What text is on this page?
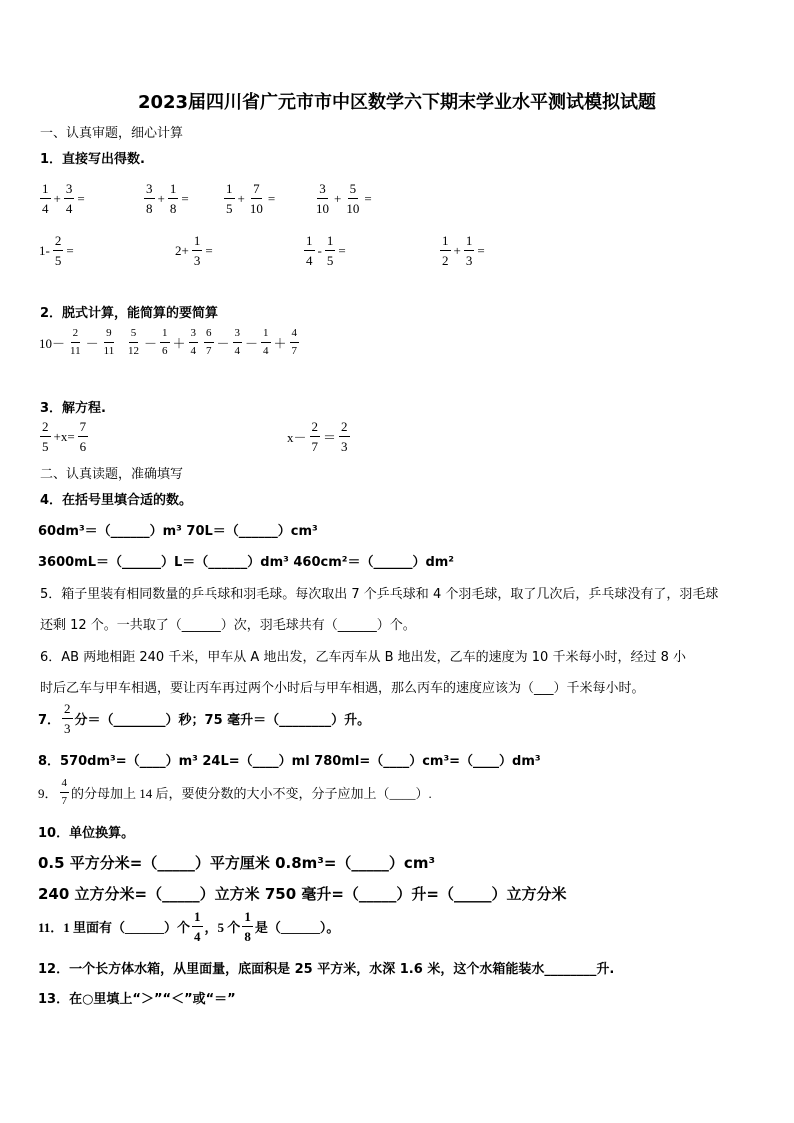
2023届四川省广元市市中区数学六下期末学业水平测试模拟试题
一、认真审题，细心计算
1．直接写出得数.
$\frac{1}{4} + \frac{3}{4}$ =	$\frac{3}{8} + \frac{1}{8}$ =	$\frac{1}{5} + \frac{7}{10}$ =	$\frac{3}{10} + \frac{5}{10}$ =
$1- \frac{2}{5}$ =	$2+ \frac{1}{3}$ =	$\frac{1}{4} - \frac{1}{5}$ =	$\frac{1}{2} + \frac{1}{3}$ =
2．脱式计算，能简算的要简算
$10- \frac{2}{11} - \frac{9}{11} \frac{5}{12} - \frac{1}{6} + \frac{3}{4} \frac{6}{7} - \frac{3}{4} - \frac{1}{4} + \frac{4}{7}$
3．解方程.
$\frac{2}{5} +x= \frac{7}{6}$	$x- \frac{2}{7} = \frac{2}{3}$
二、认真读题，准确填写
4．在括号里填合适的数。
60dm³＝（______）m³ 70L＝（______）cm³
3600mL＝（______）L＝（______）dm³ 460cm²＝（______）dm²
5．箱子里装有相同数量的乒乓球和羽毛球。每次取出 7 个乒乓球和 4 个羽毛球，取了几次后，乒乓球没有了，羽毛球
还剩 12 个。一共取了（______）次，羽毛球共有（______）个。
6．AB 两地相距 240 千米，甲车从 A 地出发，乙车丙车从 B 地出发，乙车的速度为 10 千米每小时，经过 8 小
时后乙车与甲车相遇，要让丙车再过两个小时后与甲车相遇，那么丙车的速度应该为（___）千米每小时。
7． $\frac{2}{3}$ 分＝（________）秒；75 毫升＝（________）升。
8．570dm³=（____）m³ 24L=（____）ml 780ml=（____）cm³=（____）dm³
9． $\frac{4}{7}$ 的分母加上 14 后，要使分数的大小不变，分子应加上（____）.
10．单位换算。
0.5 平方分米=（_____）平方厘米 0.8m³=（_____）cm³
240 立方分米=（_____）立方米 750 毫升=（_____）升=（_____）立方分米
11．1 里面有（______）个 $\frac{1}{4}$ ，5 个 $\frac{1}{8}$ 是（______）。
12．一个长方体水箱，从里面量，底面积是 25 平方米，水深 1.6 米，这个水箱能装水________升.
13．在○里填上“＞”“＜”或“＝”
